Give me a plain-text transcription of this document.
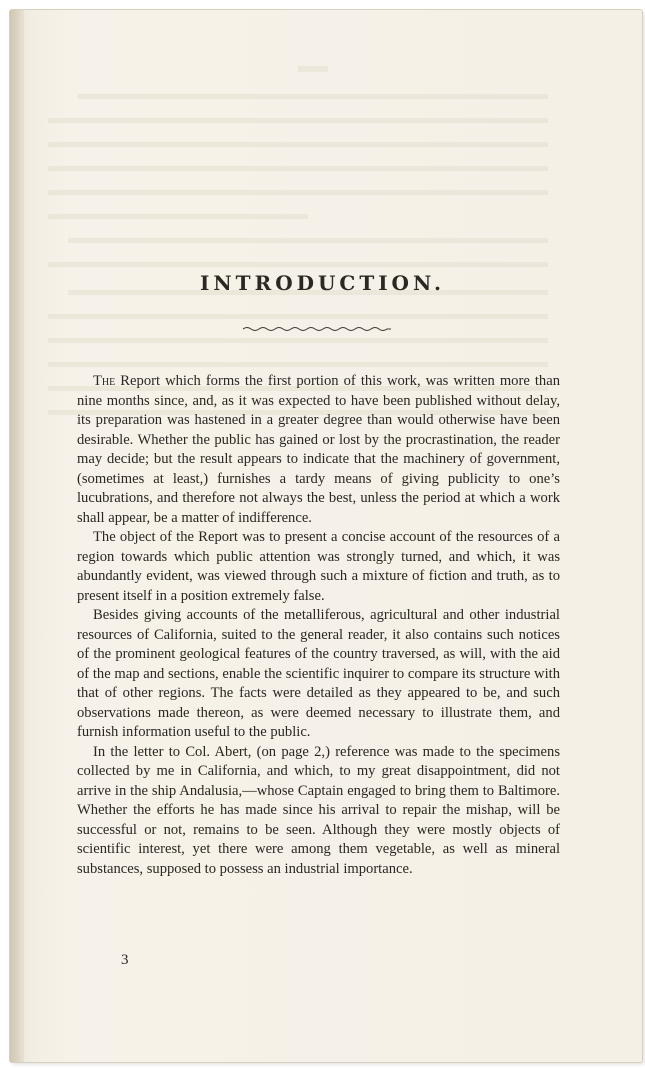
INTRODUCTION.

The Report which forms the first portion of this work, was written more than nine months since, and, as it was expected to have been published without delay, its preparation was hastened in a greater degree than would otherwise have been desirable. Whether the public has gained or lost by the procrastination, the reader may decide; but the result appears to indicate that the machinery of government, (sometimes at least,) furnishes a tardy means of giving publicity to one’s lucubrations, and therefore not always the best, unless the period at which a work shall appear, be a matter of indifference.

The object of the Report was to present a concise account of the resources of a region towards which public attention was strongly turned, and which, it was abundantly evident, was viewed through such a mixture of fiction and truth, as to present itself in a position extremely false.

Besides giving accounts of the metalliferous, agricultural and other industrial resources of California, suited to the general reader, it also contains such notices of the prominent geological features of the country traversed, as will, with the aid of the map and sections, enable the scientific inquirer to compare its structure with that of other regions. The facts were detailed as they appeared to be, and such observations made thereon, as were deemed necessary to illustrate them, and furnish information useful to the public.

In the letter to Col. Abert, (on page 2,) reference was made to the specimens collected by me in California, and which, to my great disappointment, did not arrive in the ship Andalusia,—whose Captain engaged to bring them to Baltimore. Whether the efforts he has made since his arrival to repair the mishap, will be successful or not, remains to be seen. Although they were mostly objects of scientific interest, yet there were among them vegetable, as well as mineral substances, supposed to possess an industrial importance.

3
